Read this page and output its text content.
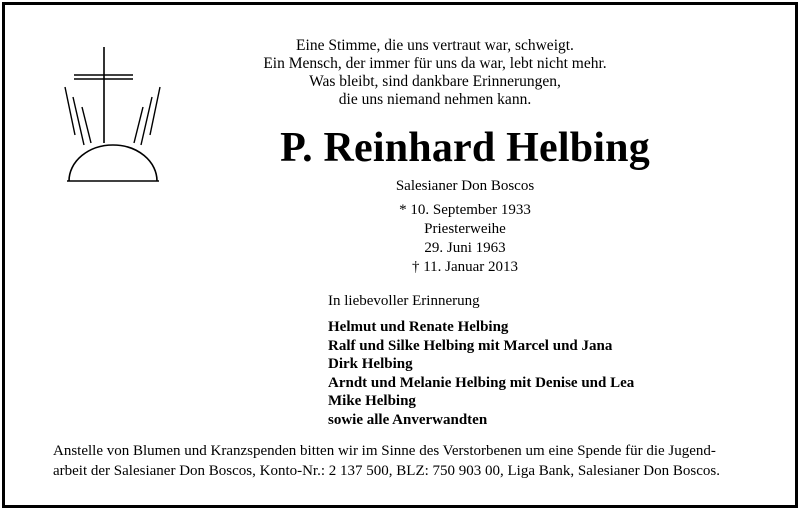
Eine Stimme, die uns vertraut war, schweigt.
Ein Mensch, der immer für uns da war, lebt nicht mehr.
Was bleibt, sind dankbare Erinnerungen,
die uns niemand nehmen kann.
P. Reinhard Helbing
Salesianer Don Boscos
* 10. September 1933
Priesterweihe
29. Juni 1963
† 11. Januar 2013
In liebevoller Erinnerung
Helmut und Renate Helbing
Ralf und Silke Helbing mit Marcel und Jana
Dirk Helbing
Arndt und Melanie Helbing mit Denise und Lea
Mike Helbing
sowie alle Anverwandten
Anstelle von Blumen und Kranzspenden bitten wir im Sinne des Verstorbenen um eine Spende für die Jugend-
arbeit der Salesianer Don Boscos, Konto-Nr.: 2 137 500, BLZ: 750 903 00, Liga Bank, Salesianer Don Boscos.
